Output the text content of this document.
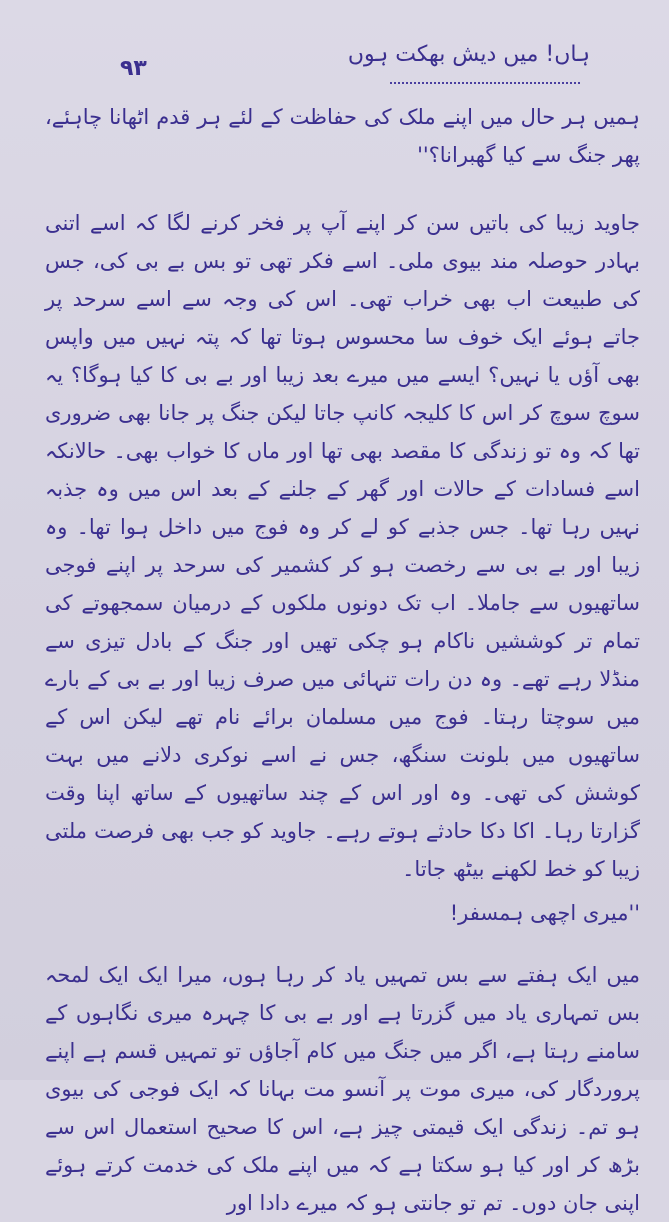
۹۳
ہاں! میں دیش بھکت ہوں

ہمیں ہر حال میں اپنے ملک کی حفاظت کے لئے ہر قدم اٹھانا چاہئے، پھر جنگ سے کیا گھبرانا؟''

جاوید زیبا کی باتیں سن کر اپنے آپ پر فخر کرنے لگا کہ اسے اتنی بہادر حوصلہ مند بیوی ملی۔ اسے فکر تھی تو بس بے بی کی، جس کی طبیعت اب بھی خراب تھی۔ اس کی وجہ سے اسے سرحد پر جاتے ہوئے ایک خوف سا محسوس ہوتا تھا کہ پتہ نہیں میں واپس بھی آؤں یا نہیں؟ ایسے میں میرے بعد زیبا اور بے بی کا کیا ہوگا؟ یہ سوچ سوچ کر اس کا کلیجہ کانپ جاتا لیکن جنگ پر جانا بھی ضروری تھا کہ وہ تو زندگی کا مقصد بھی تھا اور ماں کا خواب بھی۔ حالانکہ اسے فسادات کے حالات اور گھر کے جلنے کے بعد اس میں وہ جذبہ نہیں رہا تھا۔ جس جذبے کو لے کر وہ فوج میں داخل ہوا تھا۔ وہ زیبا اور بے بی سے رخصت ہو کر کشمیر کی سرحد پر اپنے فوجی ساتھیوں سے جاملا۔ اب تک دونوں ملکوں کے درمیان سمجھوتے کی تمام تر کوششیں ناکام ہو چکی تھیں اور جنگ کے بادل تیزی سے منڈلا رہے تھے۔ وہ دن رات تنہائی میں صرف زیبا اور بے بی کے بارے میں سوچتا رہتا۔ فوج میں مسلمان برائے نام تھے لیکن اس کے ساتھیوں میں بلونت سنگھ، جس نے اسے نوکری دلانے میں بہت کوشش کی تھی۔ وہ اور اس کے چند ساتھیوں کے ساتھ اپنا وقت گزارتا رہا۔ اکا دکا حادثے ہوتے رہے۔ جاوید کو جب بھی فرصت ملتی زیبا کو خط لکھنے بیٹھ جاتا۔

''میری اچھی ہمسفر!

میں ایک ہفتے سے بس تمہیں یاد کر رہا ہوں، میرا ایک ایک لمحہ بس تمہاری یاد میں گزرتا ہے اور بے بی کا چہرہ میری نگاہوں کے سامنے رہتا ہے، اگر میں جنگ میں کام آجاؤں تو تمہیں قسم ہے اپنے پروردگار کی، میری موت پر آنسو مت بہانا کہ ایک فوجی کی بیوی ہو تم۔ زندگی ایک قیمتی چیز ہے، اس کا صحیح استعمال اس سے بڑھ کر اور کیا ہو سکتا ہے کہ میں اپنے ملک کی خدمت کرتے ہوئے اپنی جان دوں۔ تم تو جانتی ہو کہ میرے دادا اور
